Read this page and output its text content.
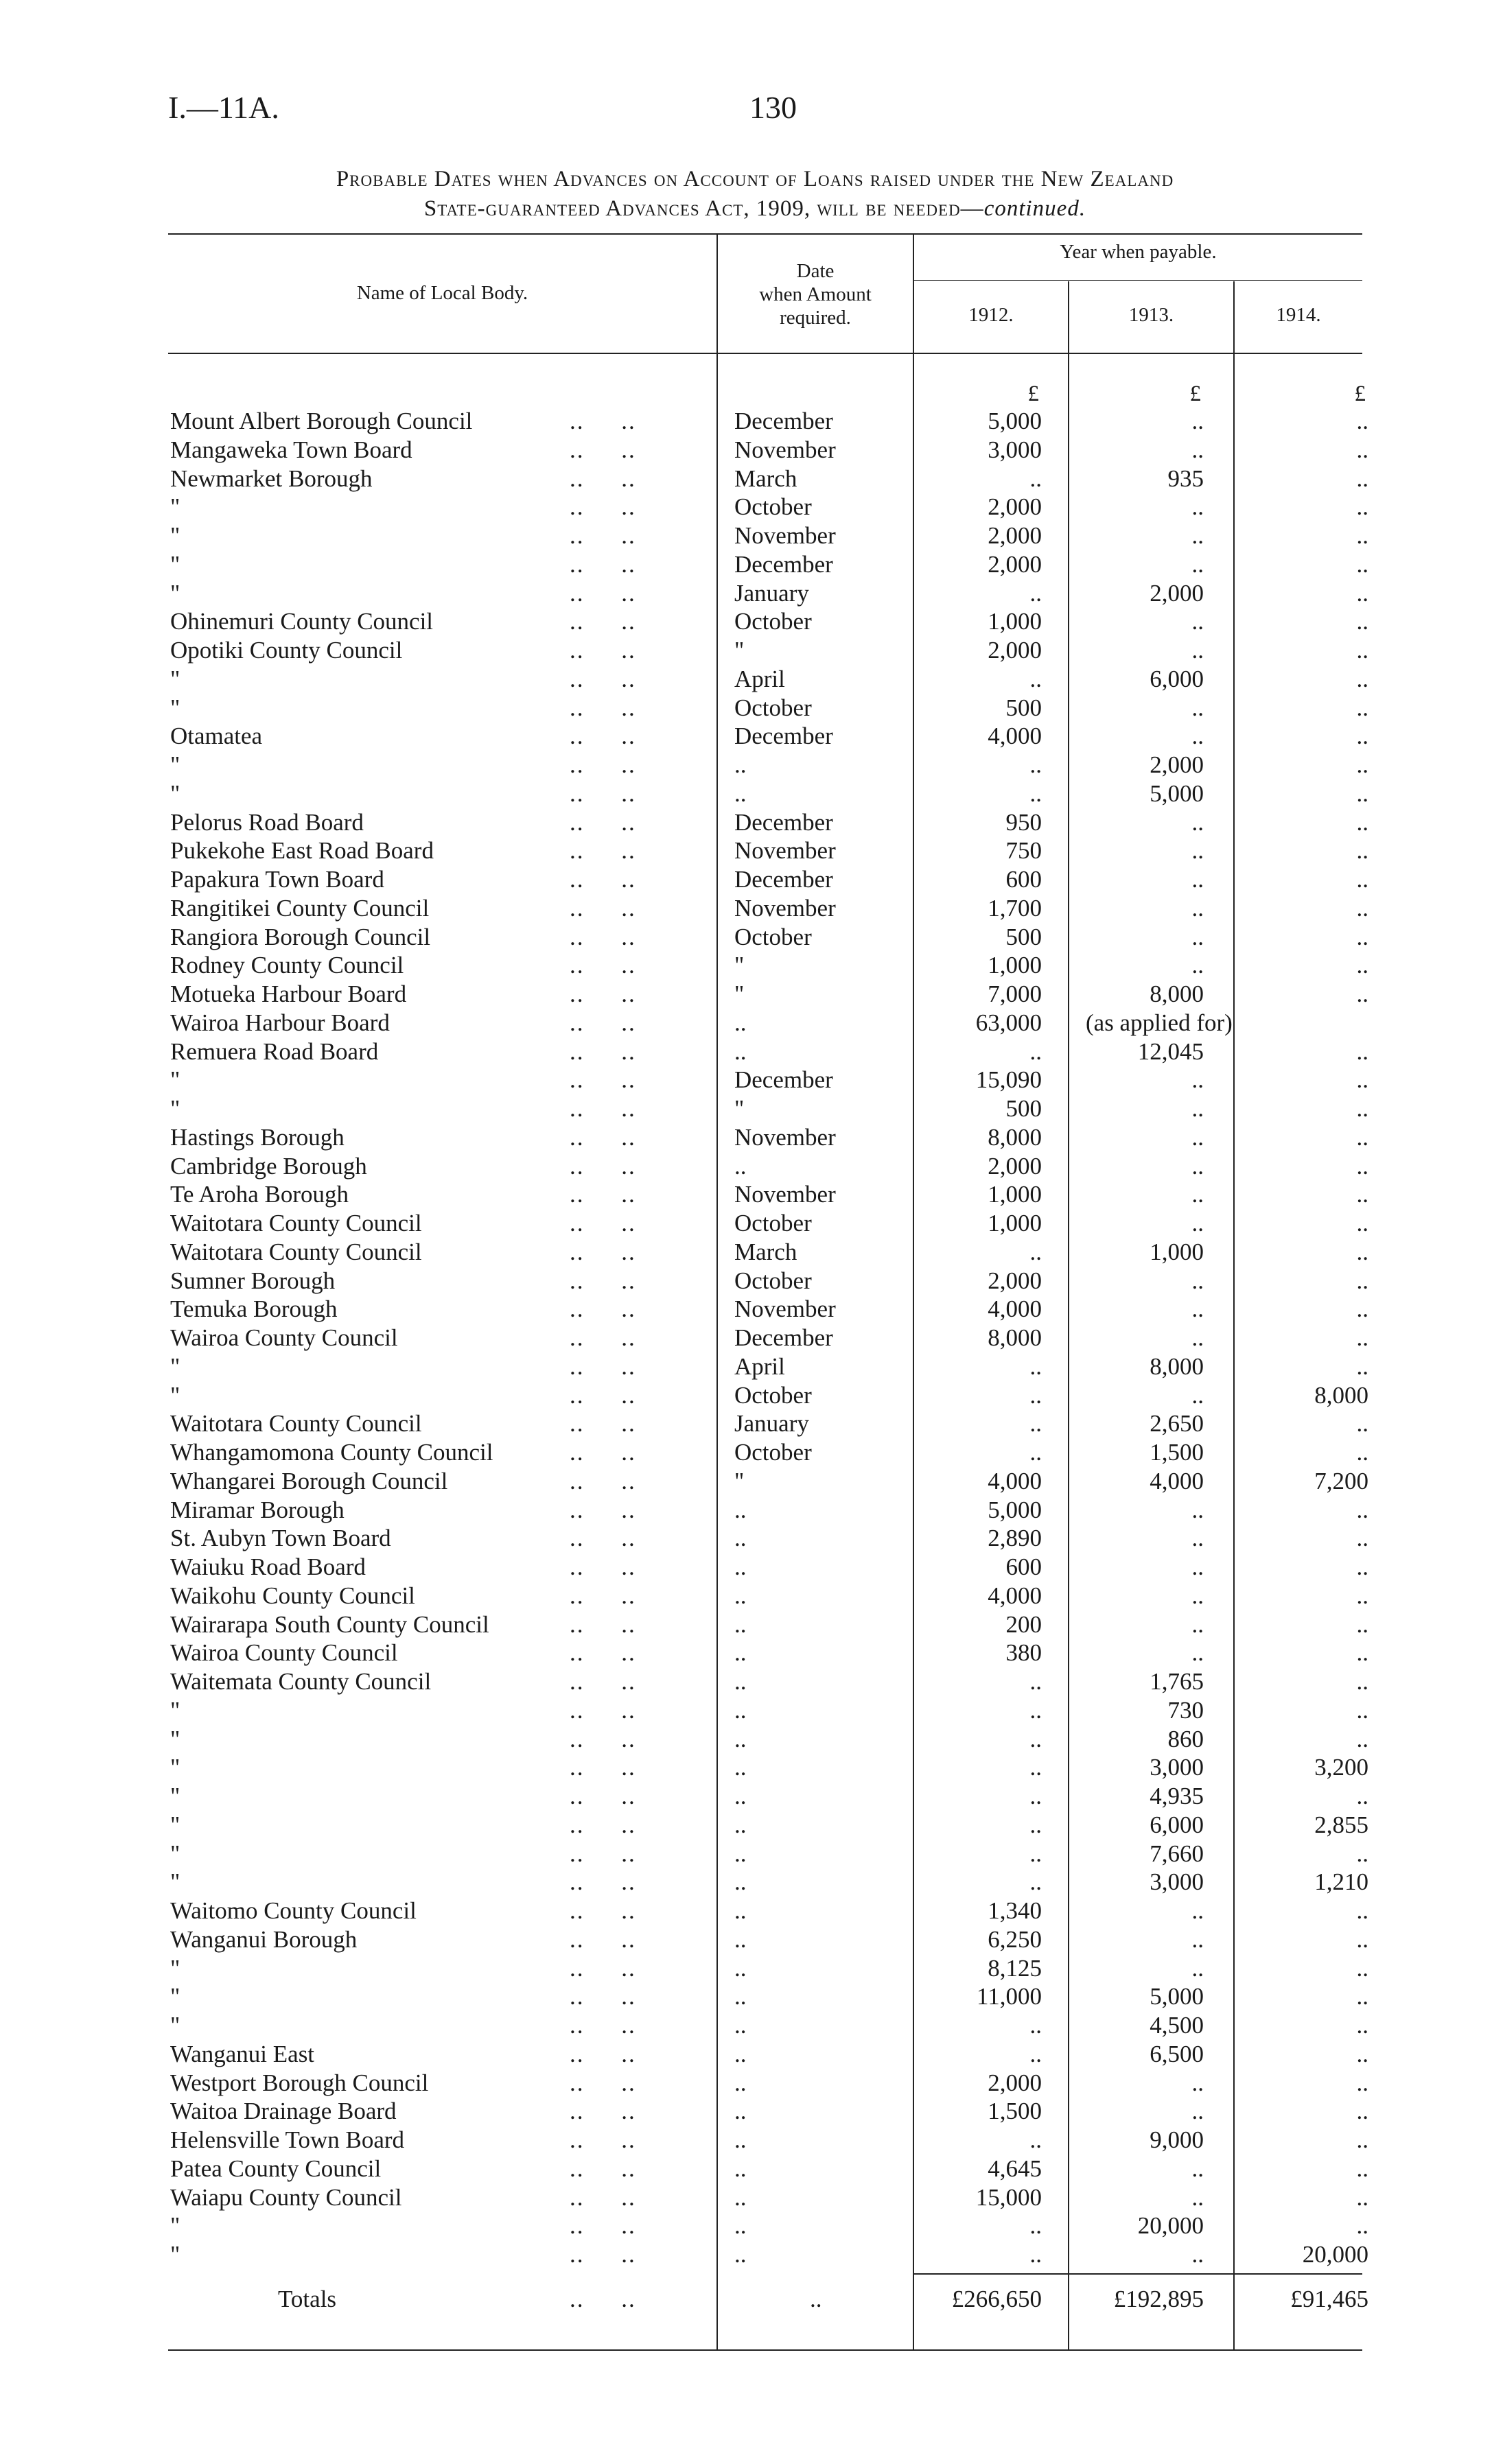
I.—11A.	130
Probable Dates when Advances on Account of Loans raised under the New Zealand
State-guaranteed Advances Act, 1909, will be needed—continued.
Name of Local Body.
Date
when Amount
required.
Year when payable.
1912.	1913.	1914.
£	£	£
Mount Albert Borough Council	..     ..	December	5,000	..	..
Mangaweka Town Board	..     ..	November	3,000	..	..
Newmarket Borough	..     ..	March	..	935	..
"	..     ..	October	2,000	..	..
"	..     ..	November	2,000	..	..
"	..     ..	December	2,000	..	..
"	..     ..	January	..	2,000	..
Ohinemuri County Council	..     ..	October	1,000	..	..
Opotiki County Council	..     ..	"	2,000	..	..
"	..     ..	April	..	6,000	..
"	..     ..	October	500	..	..
Otamatea	..     ..	December	4,000	..	..
"	..     ..	..	..	2,000	..
"	..     ..	..	..	5,000	..
Pelorus Road Board	..     ..	December	950	..	..
Pukekohe East Road Board	..     ..	November	750	..	..
Papakura Town Board	..     ..	December	600	..	..
Rangitikei County Council	..     ..	November	1,700	..	..
Rangiora Borough Council	..     ..	October	500	..	..
Rodney County Council	..     ..	"	1,000	..	..
Motueka Harbour Board	..     ..	"	7,000	8,000	..
Wairoa Harbour Board	..     ..	..	63,000 (as applied for)
Remuera Road Board	..     ..	..	..	12,045	..
"	..     ..	December	15,090	..	..
"	..     ..	"	500	..	..
Hastings Borough	..     ..	November	8,000	..	..
Cambridge Borough	..     ..	..	2,000	..	..
Te Aroha Borough	..     ..	November	1,000	..	..
Waitotara County Council	..     ..	October	1,000	..	..
Waitotara County Council	..     ..	March	..	1,000	..
Sumner Borough	..     ..	October	2,000	..	..
Temuka Borough	..     ..	November	4,000	..	..
Wairoa County Council	..     ..	December	8,000	..	..
"	..     ..	April	..	8,000	..
"	..     ..	October	..	..	8,000
Waitotara County Council	..     ..	January	..	2,650	..
Whangamomona County Council	..     ..	October	..	1,500	..
Whangarei Borough Council	..     ..	"	4,000	4,000	7,200
Miramar Borough	..     ..	..	5,000	..	..
St. Aubyn Town Board	..     ..	..	2,890	..	..
Waiuku Road Board	..     ..	..	600	..	..
Waikohu County Council	..     ..	..	4,000	..	..
Wairarapa South County Council	..     ..	..	200	..	..
Wairoa County Council	..     ..	..	380	..	..
Waitemata County Council	..     ..	..	..	1,765	..
"	..     ..	..	..	730	..
"	..     ..	..	..	860	..
"	..     ..	..	..	3,000	3,200
"	..     ..	..	..	4,935	..
"	..     ..	..	..	6,000	2,855
"	..     ..	..	..	7,660	..
"	..     ..	..	..	3,000	1,210
Waitomo County Council	..     ..	..	1,340	..	..
Wanganui Borough	..     ..	..	6,250	..	..
"	..     ..	..	8,125	..	..
"	..     ..	..	11,000	5,000	..
"	..     ..	..	..	4,500	..
Wanganui East	..     ..	..	..	6,500	..
Westport Borough Council	..     ..	..	2,000	..	..
Waitoa Drainage Board	..     ..	..	1,500	..	..
Helensville Town Board	..     ..	..	..	9,000	..
Patea County Council	..     ..	..	4,645	..	..
Waiapu County Council	..     ..	..	15,000	..	..
"	..     ..	..	..	20,000	..
"	..     ..	..	..	..	20,000
Totals	..     ..	..	£266,650	£192,895	£91,465
